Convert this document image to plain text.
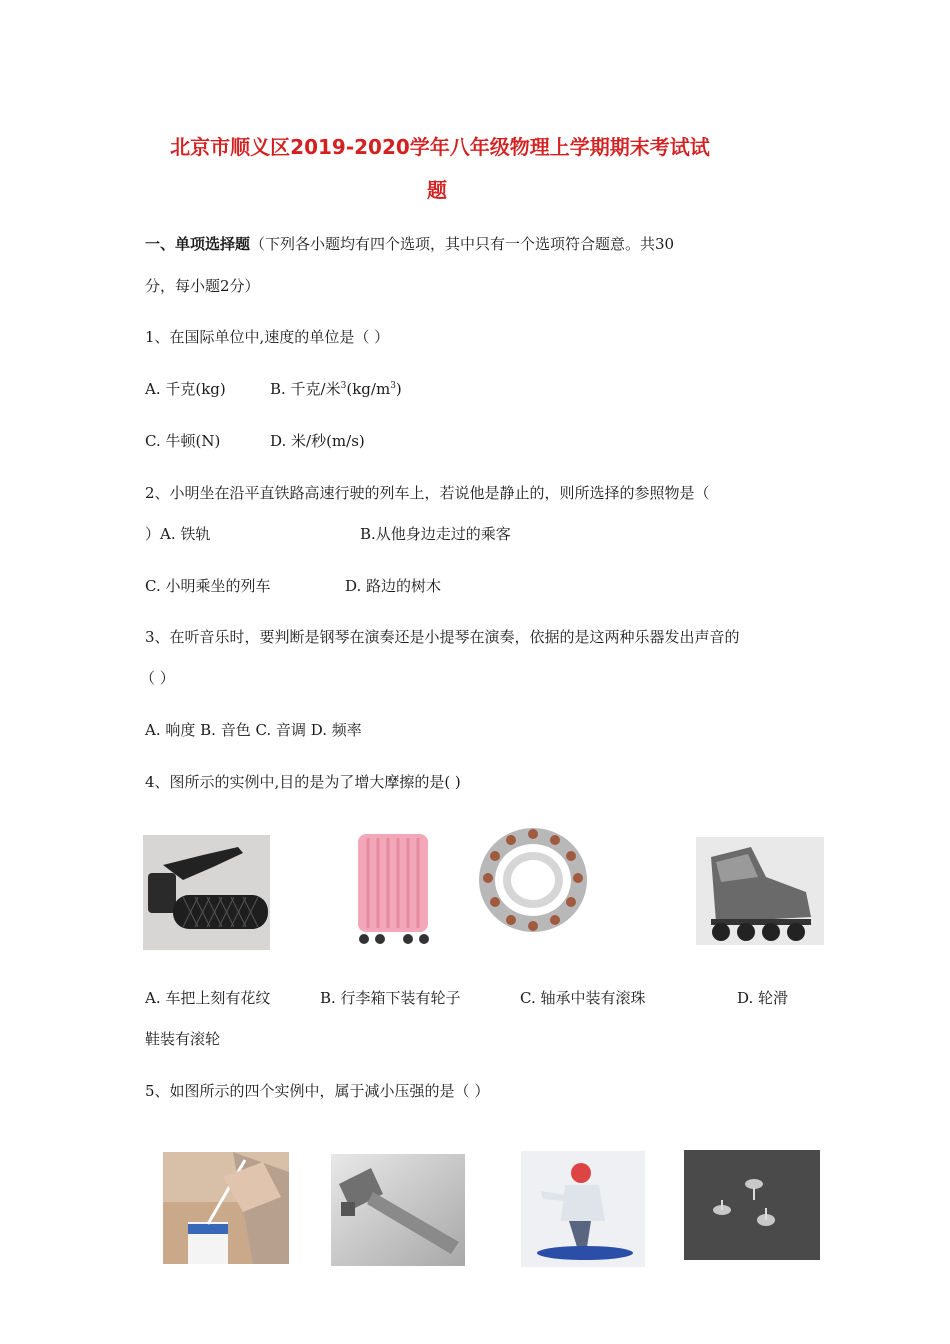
北京市顺义区2019-2020学年八年级物理上学期期末考试试
题
一、单项选择题（下列各小题均有四个选项，其中只有一个选项符合题意。共30
分，每小题2分）
1、在国际单位中,速度的单位是（ ）
A. 千克(kg)	B. 千克/米$^3(kg/m^3)$
C. 牛顿(N)	D. 米/秒(m/s)
2、小明坐在沿平直铁路高速行驶的列车上，若说他是静止的，则所选择的参照物是（
）A. 铁轨	B.从他身边走过的乘客
C. 小明乘坐的列车	D. 路边的树木
3、在听音乐时，要判断是钢琴在演奏还是小提琴在演奏，依据的是这两种乐器发出声音的
（ ）
A. 响度 B. 音色 C. 音调 D. 频率
4、图所示的实例中,目的是为了增大摩擦的是( )
A. 车把上刻有花纹	B. 行李箱下装有轮子	C. 轴承中装有滚珠	D. 轮滑
鞋装有滚轮
5、如图所示的四个实例中，属于减小压强的是（ ）
